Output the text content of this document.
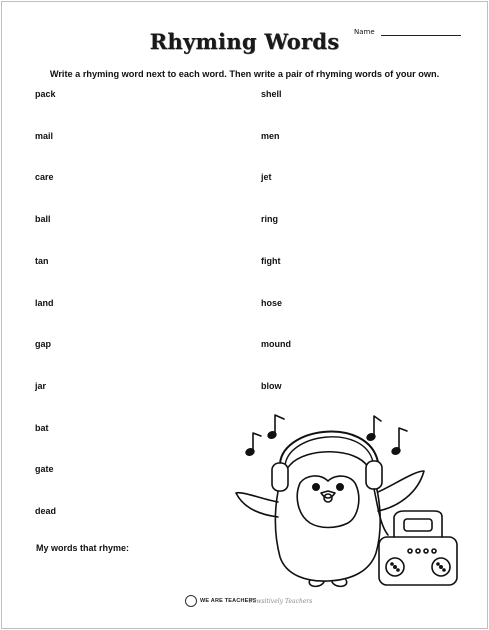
Rhyming Words	Name
Write a rhyming word next to each word. Then write a pair of rhyming words of your own.
pack
mail
care
ball
tan
land
gap
jar
bat
gate
dead
shell
men
jet
ring
fight
hose
mound
blow
My words that rhyme:
WE ARE TEACHERS
Pawsitively Teachers
